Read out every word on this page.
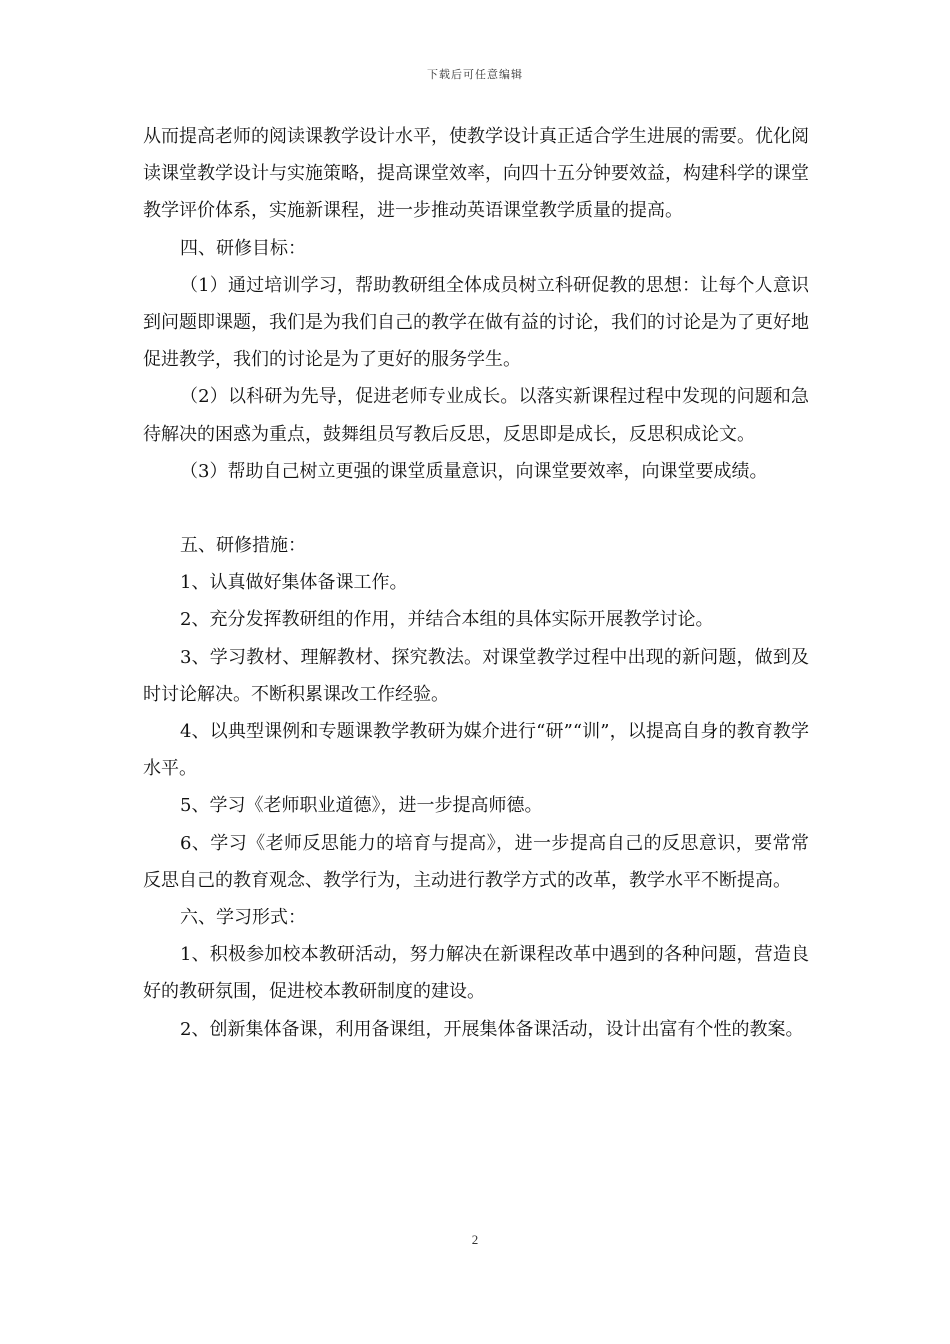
下载后可任意编辑

从而提高老师的阅读课教学设计水平，使教学设计真正适合学生进展的需要。优化阅读课堂教学设计与实施策略，提高课堂效率，向四十五分钟要效益，构建科学的课堂教学评价体系，实施新课程，进一步推动英语课堂教学质量的提高。

四、研修目标：

（1）通过培训学习，帮助教研组全体成员树立科研促教的思想：让每个人意识到问题即课题，我们是为我们自己的教学在做有益的讨论，我们的讨论是为了更好地促进教学，我们的讨论是为了更好的服务学生。

（2）以科研为先导，促进老师专业成长。以落实新课程过程中发现的问题和急待解决的困惑为重点，鼓舞组员写教后反思，反思即是成长，反思积成论文。

（3）帮助自己树立更强的课堂质量意识，向课堂要效率，向课堂要成绩。

五、研修措施：

1、认真做好集体备课工作。

2、充分发挥教研组的作用，并结合本组的具体实际开展教学讨论。

3、学习教材、理解教材、探究教法。对课堂教学过程中出现的新问题，做到及时讨论解决。不断积累课改工作经验。

4、以典型课例和专题课教学教研为媒介进行“研”“训”，以提高自身的教育教学水平。

5、学习《老师职业道德》，进一步提高师德。

6、学习《老师反思能力的培育与提高》，进一步提高自己的反思意识，要常常反思自己的教育观念、教学行为，主动进行教学方式的改革，教学水平不断提高。

六、学习形式：

1、积极参加校本教研活动，努力解决在新课程改革中遇到的各种问题，营造良好的教研氛围，促进校本教研制度的建设。

2、创新集体备课，利用备课组，开展集体备课活动，设计出富有个性的教案。

2
